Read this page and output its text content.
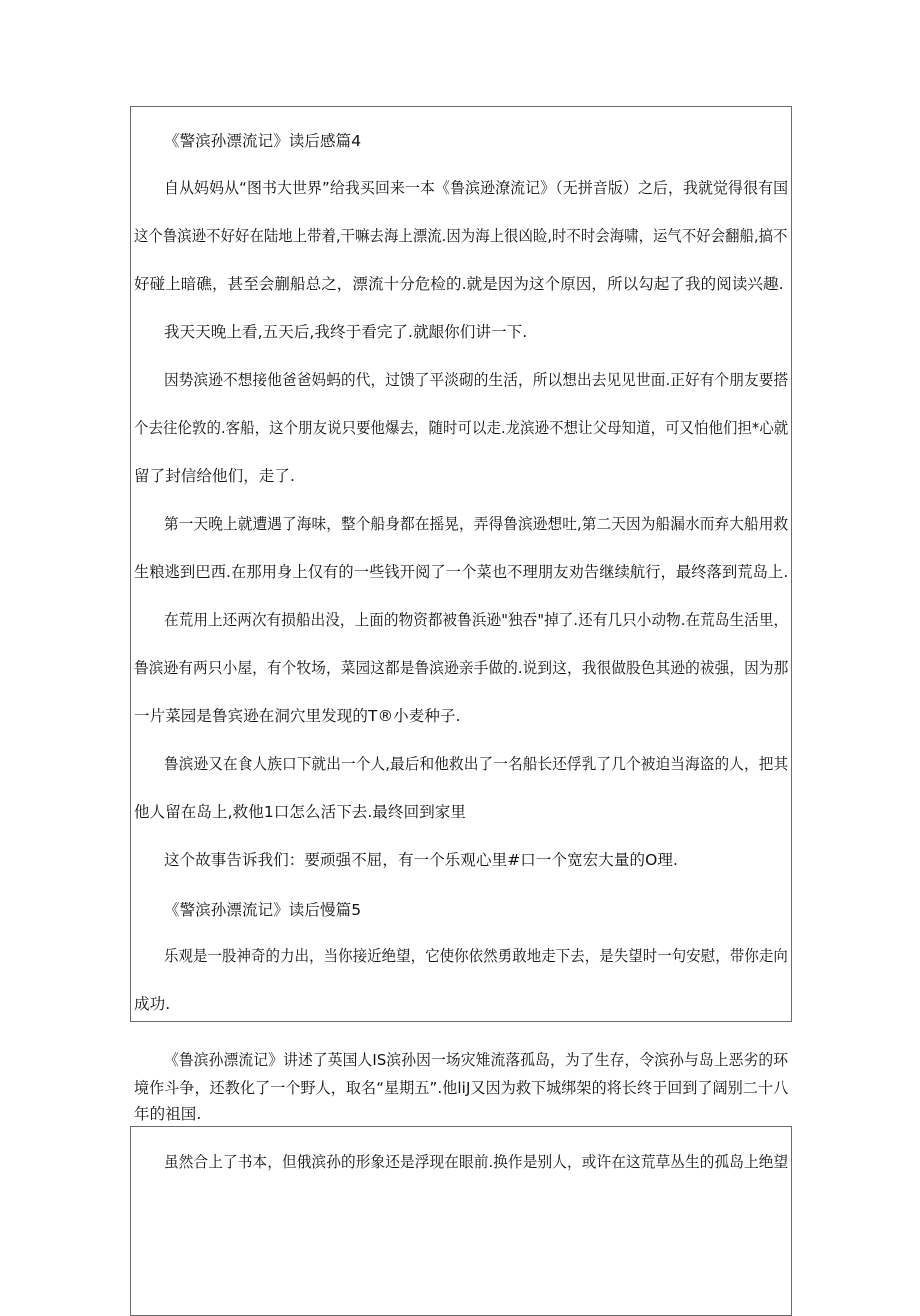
《警滨孙漂流记》读后感篇4
自从妈妈从“图书大世界”给我买回来一本《鲁滨逊潦流记》（无拼音版）之后，我就觉得很有国
这个鲁滨逊不好好在陆地上带着,干嘛去海上漂流.因为海上很凶睑,时不时会海啸，运气不好会翻船,搞不
好碰上暗礁，甚至会蒯船总之，漂流十分危检的.就是因为这个原因，所以勾起了我的阅读兴趣.
我天天晚上看,五天后,我终于看完了.就龈你们讲一下.
因势滨逊不想接他爸爸妈蚂的代，过馈了平淡砌的生活，所以想出去见见世面.正好有个朋友要搭
个去往伦敦的.客船，这个朋友说只要他爆去，随时可以走.龙滨逊不想让父母知道，可又怕他们担*心就
留了封信给他们，走了.
第一天晚上就遭遇了海味，整个船身都在摇晃，弄得鲁滨逊想吐,第二天因为船漏水而弃大船用救
生粮逃到巴西.在那用身上仅有的一些钱开阅了一个菜也不理朋友劝告继续航行，最终落到荒岛上.
在荒用上还两次有损船出没，上面的物资都被鲁浜逊"独吞"掉了.还有几只小动物.在荒岛生活里，
鲁滨逊有两只小屋，有个牧场，菜园这都是鲁滨逊亲手做的.说到这，我很做股色其逊的祓强，因为那
一片菜园是鲁宾逊在洞穴里发现的T®小麦种子.
鲁滨逊又在食人族口下就出一个人,最后和他救出了一名船长还俘乳了几个被迫当海盗的人，把其
他人留在岛上,救他1口怎么活下去.最终回到家里
这个故事告诉我们：要顽强不屈，有一个乐观心里#口一个宽宏大量的O理.
《警滨孙漂流记》读后慢篇5
乐观是一股神奇的力出，当你接近绝望，它使你依然勇敢地走下去，是失望时一句安慰，带你走向
成功.
《鲁滨孙漂流记》讲述了英国人IS滨孙因一场灾雉流落孤岛，为了生存，令滨孙与岛上恶劣的环
境作斗争，还教化了一个野人，取名“星期五”.他liJ又因为救下城绑架的将长终于回到了阔别二十八
年的祖国.
虽然合上了书本，但俄滨孙的形象还是浮现在眼前.换作是别人，或许在这荒草丛生的孤岛上绝望
